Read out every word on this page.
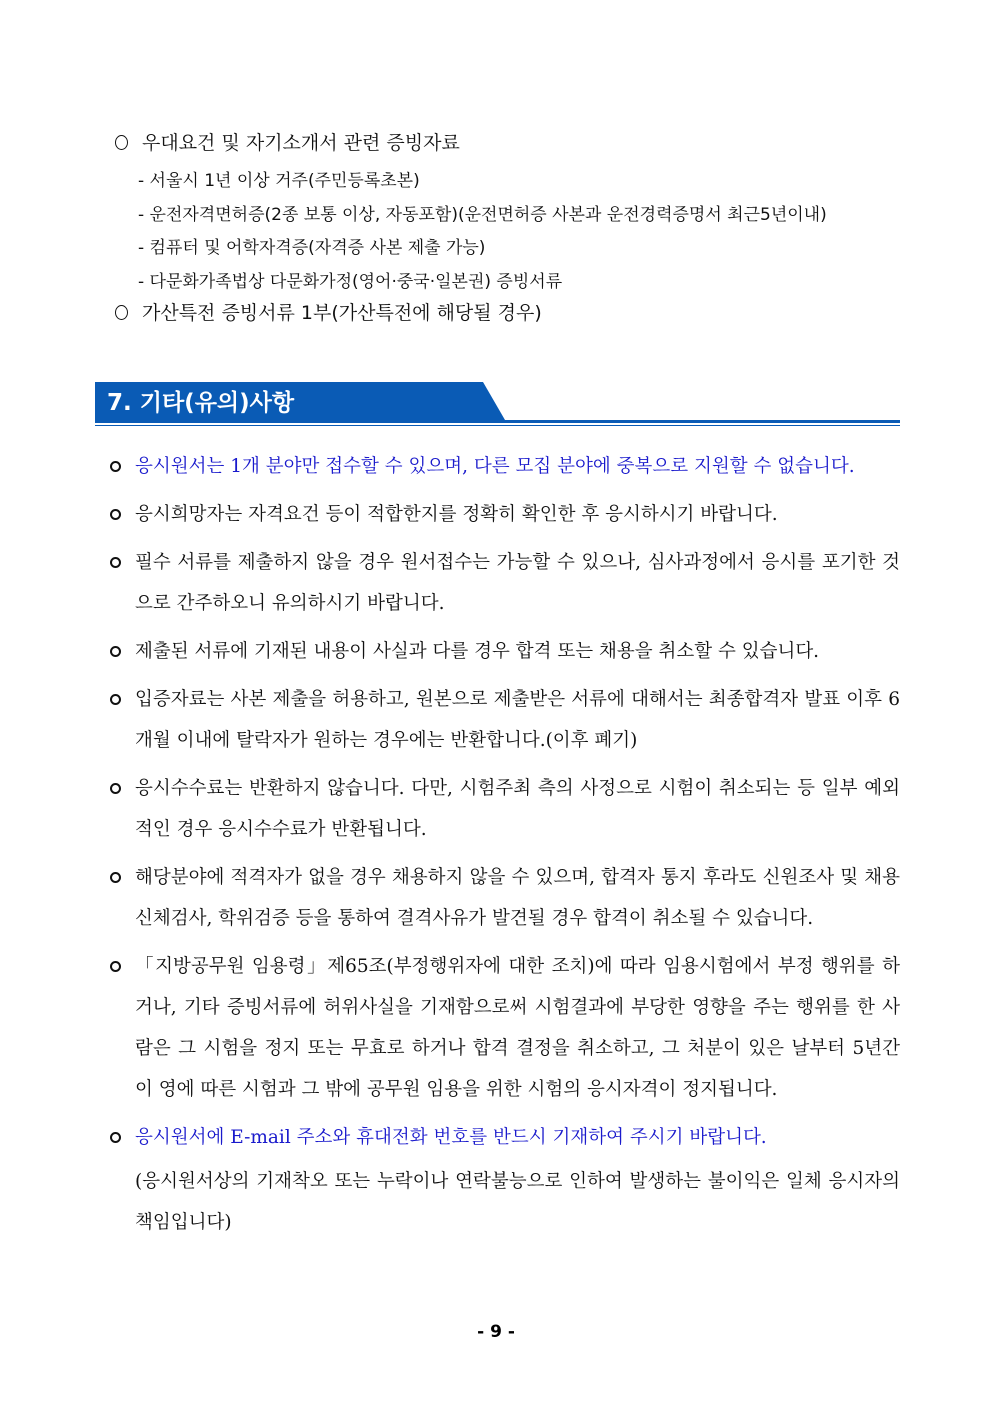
우대요건 및 자기소개서 관련 증빙자료
- 서울시 1년 이상 거주(주민등록초본)
- 운전자격면허증(2종 보통 이상, 자동포함)(운전면허증 사본과 운전경력증명서 최근5년이내)
- 컴퓨터 및 어학자격증(자격증 사본 제출 가능)
- 다문화가족법상 다문화가정(영어·중국·일본권) 증빙서류
가산특전 증빙서류 1부(가산특전에 해당될 경우)
7. 기타(유의)사항
응시원서는 1개 분야만 접수할 수 있으며, 다른 모집 분야에 중복으로 지원할 수 없습니다.
응시희망자는 자격요건 등이 적합한지를 정확히 확인한 후 응시하시기 바랍니다.
필수 서류를 제출하지 않을 경우 원서접수는 가능할 수 있으나, 심사과정에서 응시를 포기한 것으로 간주하오니 유의하시기 바랍니다.
제출된 서류에 기재된 내용이 사실과 다를 경우 합격 또는 채용을 취소할 수 있습니다.
입증자료는 사본 제출을 허용하고, 원본으로 제출받은 서류에 대해서는 최종합격자 발표 이후 6개월 이내에 탈락자가 원하는 경우에는 반환합니다.(이후 폐기)
응시수수료는 반환하지 않습니다. 다만, 시험주최 측의 사정으로 시험이 취소되는 등 일부 예외적인 경우 응시수수료가 반환됩니다.
해당분야에 적격자가 없을 경우 채용하지 않을 수 있으며, 합격자 통지 후라도 신원조사 및 채용신체검사, 학위검증 등을 통하여 결격사유가 발견될 경우 합격이 취소될 수 있습니다.
「지방공무원 임용령」제65조(부정행위자에 대한 조치)에 따라 임용시험에서 부정 행위를 하거나, 기타 증빙서류에 허위사실을 기재함으로써 시험결과에 부당한 영향을 주는 행위를 한 사람은 그 시험을 정지 또는 무효로 하거나 합격 결정을 취소하고, 그 처분이 있은 날부터 5년간 이 영에 따른 시험과 그 밖에 공무원 임용을 위한 시험의 응시자격이 정지됩니다.
응시원서에 E-mail 주소와 휴대전화 번호를 반드시 기재하여 주시기 바랍니다.
(응시원서상의 기재착오 또는 누락이나 연락불능으로 인하여 발생하는 불이익은 일체 응시자의 책임입니다)
- 9 -
